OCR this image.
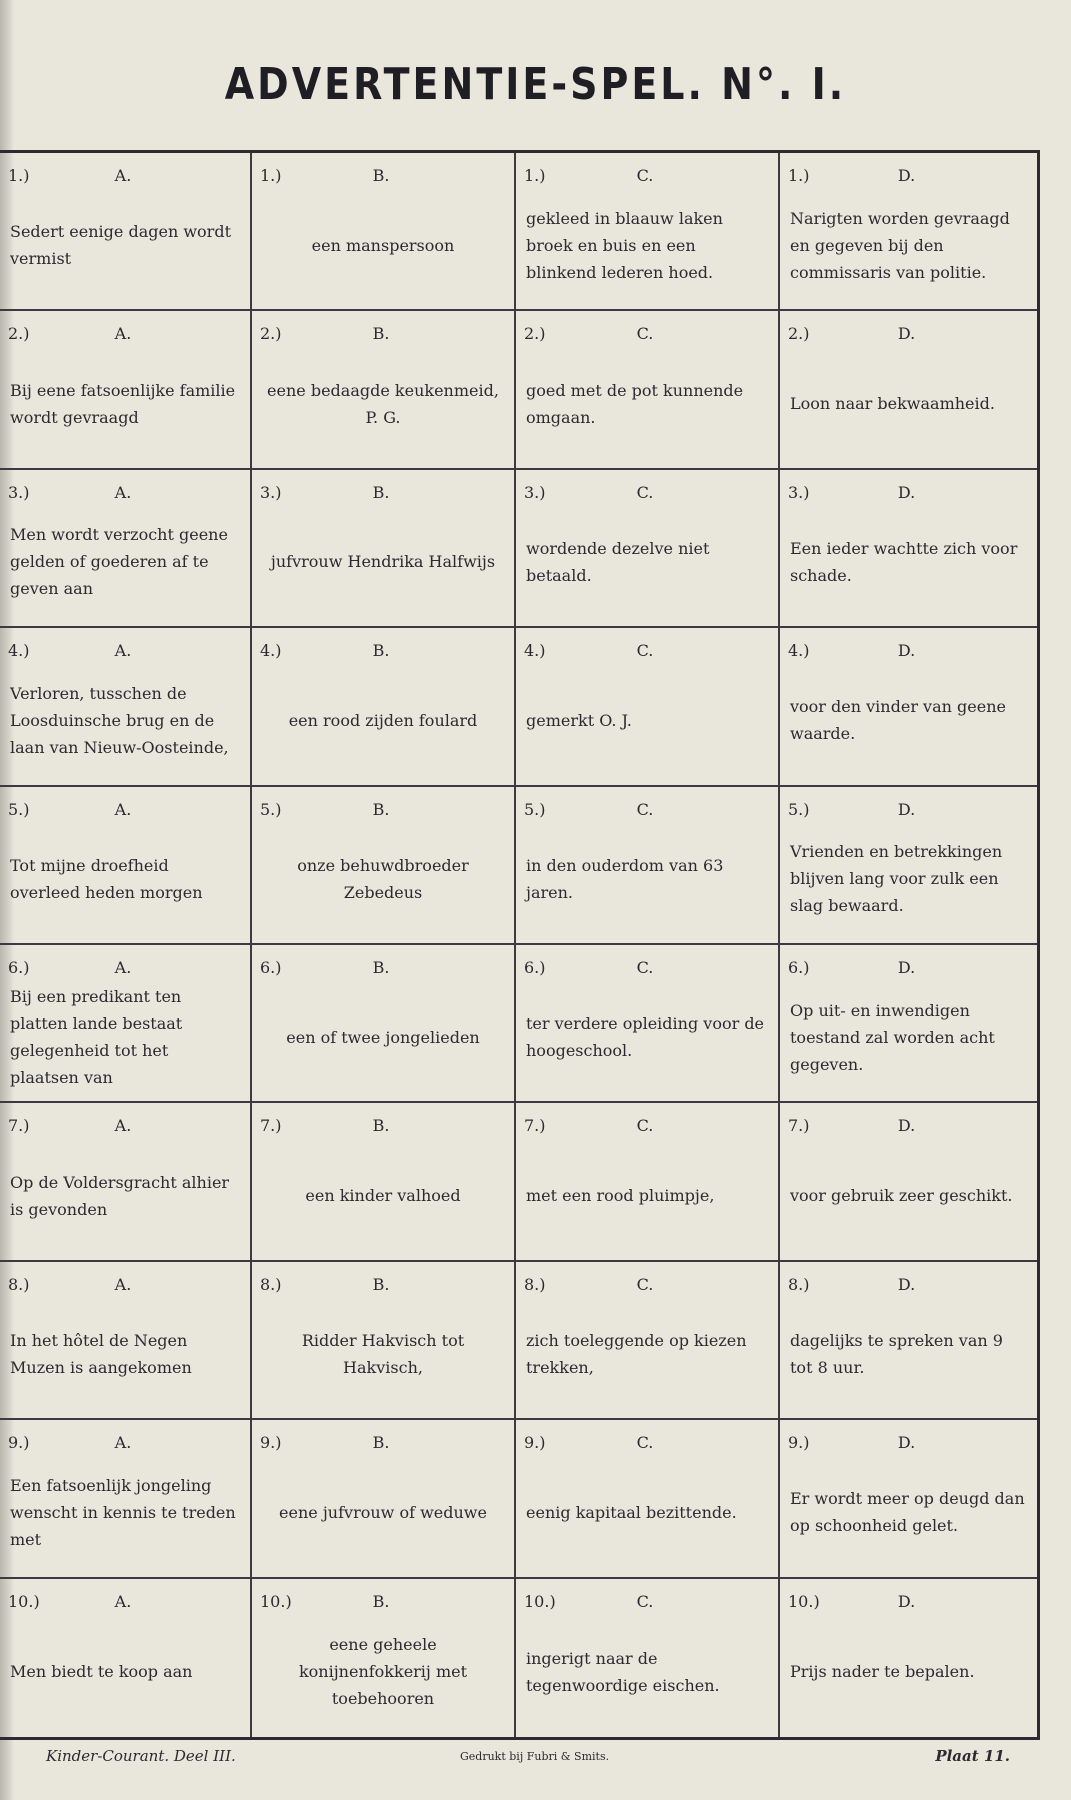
ADVERTENTIE-SPEL. N°. I.
1.)	A.
Sedert eenige dagen wordt vermist
1.)	B.
een manspersoon
1.)	C.
gekleed in blaauw laken broek en buis en een blinkend lederen hoed.
1.)	D.
Narigten worden gevraagd en gegeven bij den commissaris van politie.
2.)	A.
Bij eene fatsoenlijke familie wordt gevraagd
2.)	B.
eene bedaagde keukenmeid, P. G.
2.)	C.
goed met de pot kunnende omgaan.
2.)	D.
Loon naar bekwaamheid.
3.)	A.
Men wordt verzocht geene gelden of goederen af te geven aan
3.)	B.
jufvrouw Hendrika Halfwijs
3.)	C.
wordende dezelve niet betaald.
3.)	D.
Een ieder wachtte zich voor schade.
4.)	A.
Verloren, tusschen de Loosduinsche brug en de laan van Nieuw-Oosteinde,
4.)	B.
een rood zijden foulard
4.)	C.
gemerkt O. J.
4.)	D.
voor den vinder van geene waarde.
5.)	A.
Tot mijne droefheid overleed heden morgen
5.)	B.
onze behuwdbroeder Zebedeus
5.)	C.
in den ouderdom van 63 jaren.
5.)	D.
Vrienden en betrekkingen blijven lang voor zulk een slag bewaard.
6.)	A.
Bij een predikant ten platten lande bestaat gelegenheid tot het plaatsen van
6.)	B.
een of twee jongelieden
6.)	C.
ter verdere opleiding voor de hoogeschool.
6.)	D.
Op uit- en inwendigen toestand zal worden acht gegeven.
7.)	A.
Op de Voldersgracht alhier is gevonden
7.)	B.
een kinder valhoed
7.)	C.
met een rood pluimpje,
7.)	D.
voor gebruik zeer geschikt.
8.)	A.
In het hôtel de Negen Muzen is aangekomen
8.)	B.
Ridder Hakvisch tot Hakvisch,
8.)	C.
zich toeleggende op kiezen trekken,
8.)	D.
dagelijks te spreken van 9 tot 8 uur.
9.)	A.
Een fatsoenlijk jongeling wenscht in kennis te treden met
9.)	B.
eene jufvrouw of weduwe
9.)	C.
eenig kapitaal bezittende.
9.)	D.
Er wordt meer op deugd dan op schoonheid gelet.
10.)	A.
Men biedt te koop aan
10.)	B.
eene geheele konijnenfokkerij met toebehooren
10.)	C.
ingerigt naar de tegenwoordige eischen.
10.)	D.
Prijs nader te bepalen.
Kinder-Courant. Deel III.	Gedrukt bij Fubri & Smits.	Plaat 11.
